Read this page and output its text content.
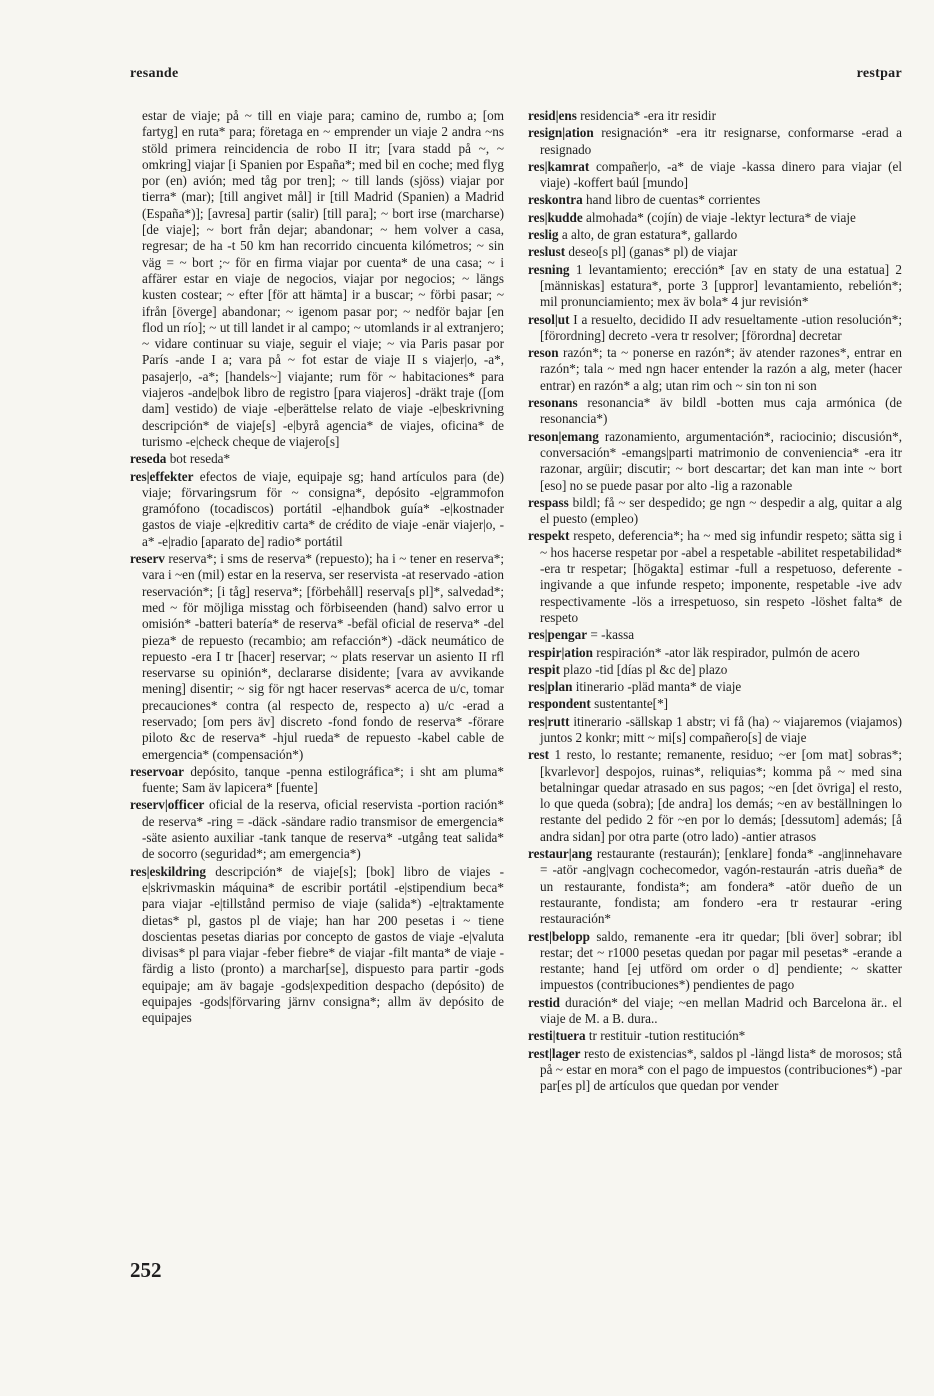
resande	restpar

estar de viaje; på ~ till en viaje para; camino de, rumbo a; [om fartyg] en ruta* para; företaga en ~ emprender un viaje 2 andra ~ns stöld primera reincidencia de robo II itr; [vara stadd på ~, ~ omkring] viajar [i Spanien por España*; med bil en coche; med flyg por (en) avión; med tåg por tren]; ~ till lands (sjöss) viajar por tierra* (mar); [till angivet mål] ir [till Madrid (Spanien) a Madrid (España*)]; [avresa] partir (salir) [till para]; ~ bort irse (marcharse) [de viaje]; ~ bort från dejar; abandonar; ~ hem volver a casa, regresar; de ha -t 50 km han recorrido cincuenta kilómetros; ~ sin väg = ~ bort ;~ för en firma viajar por cuenta* de una casa; ~ i affärer estar en viaje de negocios, viajar por negocios; ~ längs kusten costear; ~ efter [för att hämta] ir a buscar; ~ förbi pasar; ~ ifrån [överge] abandonar; ~ igenom pasar por; ~ nedför bajar [en flod un río]; ~ ut till landet ir al campo; ~ utomlands ir al extranjero; ~ vidare continuar su viaje, seguir el viaje; ~ via Paris pasar por París -ande I a; vara på ~ fot estar de viaje II s viajer|o, -a*, pasajer|o, -a*; [handels~] viajante; rum för ~ habitaciones* para viajeros -ande|bok libro de registro [para viajeros] -dräkt traje ([om dam] vestido) de viaje -e|berättelse relato de viaje -e|beskrivning descripción* de viaje[s] -e|byrå agencia* de viajes, oficina* de turismo -e|check cheque de viajero[s]

reseda bot reseda*

res|effekter efectos de viaje, equipaje sg; hand artículos para (de) viaje; förvaringsrum för ~ consigna*, depósito -e|grammofon gramófono (tocadiscos) portátil -e|handbok guía* -e|kostnader gastos de viaje -e|kreditiv carta* de crédito de viaje -enär viajer|o, -a* -e|radio [aparato de] radio* portátil

reserv reserva*; i sms de reserva* (repuesto); ha i ~ tener en reserva*; vara i ~en (mil) estar en la reserva, ser reservista -at reservado -ation reservación*; [i tåg] reserva*; [förbehåll] reserva[s pl]*, salvedad*; med ~ för möjliga misstag och förbiseenden (hand) salvo error u omisión* -batteri batería* de reserva* -befäl oficial de reserva* -del pieza* de repuesto (recambio; am refacción*) -däck neumático de repuesto -era I tr [hacer] reservar; ~ plats reservar un asiento II rfl reservarse su opinión*, declararse disidente; [vara av avvikande mening] disentir; ~ sig för ngt hacer reservas* acerca de u/c, tomar precauciones* contra (al respecto de, respecto a) u/c -erad a reservado; [om pers äv] discreto -fond fondo de reserva* -förare piloto &c de reserva* -hjul rueda* de repuesto -kabel cable de emergencia* (compensación*)

reservoar depósito, tanque -penna estilográfica*; i sht am pluma* fuente; Sam äv lapicera* [fuente]

reserv|officer oficial de la reserva, oficial reservista -portion ración* de reserva* -ring = -däck -sändare radio transmisor de emergencia* -säte asiento auxiliar -tank tanque de reserva* -utgång teat salida* de socorro (seguridad*; am emergencia*)

res|eskildring descripción* de viaje[s]; [bok] libro de viajes -e|skrivmaskin máquina* de escribir portátil -e|stipendium beca* para viajar -e|tillstånd permiso de viaje (salida*) -e|traktamente dietas* pl, gastos pl de viaje; han har 200 pesetas i ~ tiene doscientas pesetas diarias por concepto de gastos de viaje -e|valuta divisas* pl para viajar -feber fiebre* de viajar -filt manta* de viaje -färdig a listo (pronto) a marchar[se], dispuesto para partir -gods equipaje; am äv bagaje -gods|expedition despacho (depósito) de equipajes -gods|förvaring järnv consigna*; allm äv depósito de equipajes

resid|ens residencia* -era itr residir

resign|ation resignación* -era itr resignarse, conformarse -erad a resignado

res|kamrat compañer|o, -a* de viaje -kassa dinero para viajar (el viaje) -koffert baúl [mundo]

reskontra hand libro de cuentas* corrientes

res|kudde almohada* (cojín) de viaje -lektyr lectura* de viaje

reslig a alto, de gran estatura*, gallardo

reslust deseo[s pl] (ganas* pl) de viajar

resning 1 levantamiento; erección* [av en staty de una estatua] 2 [människas] estatura*, porte 3 [uppror] levantamiento, rebelión*; mil pronunciamiento; mex äv bola* 4 jur revisión*

resol|ut I a resuelto, decidido II adv resueltamente -ution resolución*; [förordning] decreto -vera tr resolver; [förordna] decretar

reson razón*; ta ~ ponerse en razón*; äv atender razones*, entrar en razón*; tala ~ med ngn hacer entender la razón a alg, meter (hacer entrar) en razón* a alg; utan rim och ~ sin ton ni son

resonans resonancia* äv bildl -botten mus caja armónica (de resonancia*)

reson|emang razonamiento, argumentación*, raciocinio; discusión*, conversación* -emangs|parti matrimonio de conveniencia* -era itr razonar, argüir; discutir; ~ bort descartar; det kan man inte ~ bort [eso] no se puede pasar por alto -lig a razonable

respass bildl; få ~ ser despedido; ge ngn ~ despedir a alg, quitar a alg el puesto (empleo)

respekt respeto, deferencia*; ha ~ med sig infundir respeto; sätta sig i ~ hos hacerse respetar por -abel a respetable -abilitet respetabilidad* -era tr respetar; [högakta] estimar -full a respetuoso, deferente -ingivande a que infunde respeto; imponente, respetable -ive adv respectivamente -lös a irrespetuoso, sin respeto -löshet falta* de respeto

res|pengar = -kassa

respir|ation respiración* -ator läk respirador, pulmón de acero

respit plazo -tid [días pl &c de] plazo

res|plan itinerario -pläd manta* de viaje

respondent sustentante[*]

res|rutt itinerario -sällskap 1 abstr; vi få (ha) ~ viajaremos (viajamos) juntos 2 konkr; mitt ~ mi[s] compañero[s] de viaje

rest 1 resto, lo restante; remanente, residuo; ~er [om mat] sobras*; [kvarlevor] despojos, ruinas*, reliquias*; komma på ~ med sina betalningar quedar atrasado en sus pagos; ~en [det övriga] el resto, lo que queda (sobra); [de andra] los demás; ~en av beställningen lo restante del pedido 2 för ~en por lo demás; [dessutom] además; [å andra sidan] por otra parte (otro lado) -antier atrasos

restaur|ang restaurante (restaurán); [enklare] fonda* -ang|innehavare = -atör -ang|vagn cochecomedor, vagón-restaurán -atris dueña* de un restaurante, fondista*; am fondera* -atör dueño de un restaurante, fondista; am fondero -era tr restaurar -ering restauración*

rest|belopp saldo, remanente -era itr quedar; [bli över] sobrar; ibl restar; det ~ r1000 pesetas quedan por pagar mil pesetas* -erande a restante; hand [ej utförd om order o d] pendiente; ~ skatter impuestos (contribuciones*) pendientes de pago

restid duración* del viaje; ~en mellan Madrid och Barcelona är.. el viaje de M. a B. dura..

resti|tuera tr restituir -tution restitución*

rest|lager resto de existencias*, saldos pl -längd lista* de morosos; stå på ~ estar en mora* con el pago de impuestos (contribuciones*) -par par[es pl] de artículos que quedan por vender

252
